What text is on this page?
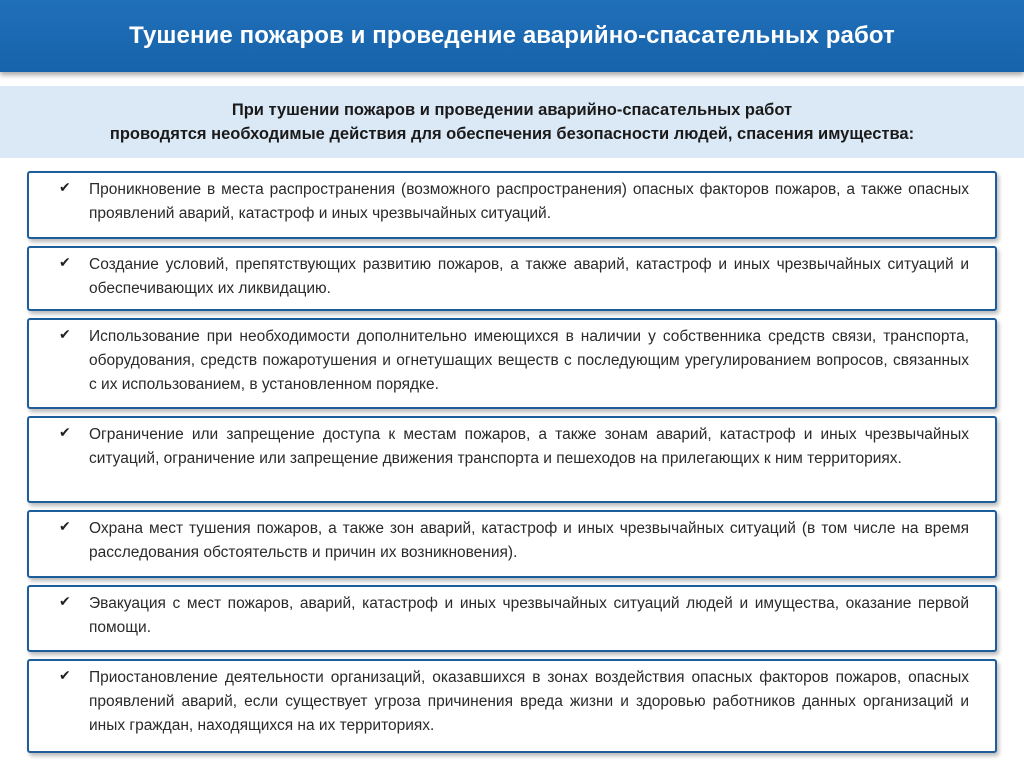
Тушение пожаров и проведение аварийно-спасательных работ
При тушении пожаров и проведении аварийно-спасательных работ
проводятся необходимые действия для обеспечения безопасности людей, спасения имущества:
✔ Проникновение в места распространения (возможного распространения) опасных факторов пожаров, а также опасных проявлений аварий, катастроф и иных чрезвычайных ситуаций.
✔ Создание условий, препятствующих развитию пожаров, а также аварий, катастроф и иных чрезвычайных ситуаций и обеспечивающих их ликвидацию.
✔ Использование при необходимости дополнительно имеющихся в наличии у собственника средств связи, транспорта, оборудования, средств пожаротушения и огнетушащих веществ с последующим урегулированием вопросов, связанных с их использованием, в установленном порядке.
✔ Ограничение или запрещение доступа к местам пожаров, а также зонам аварий, катастроф и иных чрезвычайных ситуаций, ограничение или запрещение движения транспорта и пешеходов на прилегающих к ним территориях.
✔ Охрана мест тушения пожаров, а также зон аварий, катастроф и иных чрезвычайных ситуаций (в том числе на время расследования обстоятельств и причин их возникновения).
✔ Эвакуация с мест пожаров, аварий, катастроф и иных чрезвычайных ситуаций людей и имущества, оказание первой помощи.
✔ Приостановление деятельности организаций, оказавшихся в зонах воздействия опасных факторов пожаров, опасных проявлений аварий, если существует угроза причинения вреда жизни и здоровью работников данных организаций и иных граждан, находящихся на их территориях.
